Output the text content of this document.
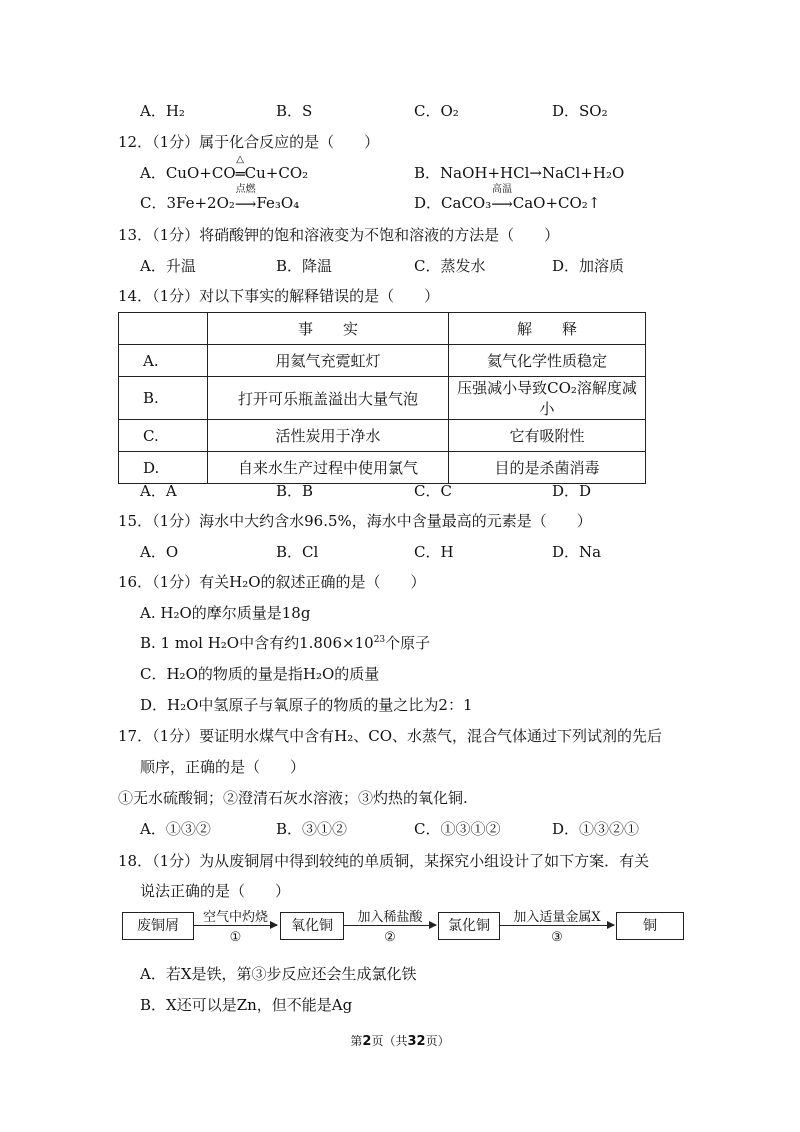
A．H₂	B．S	C．O₂	D．SO₂
12．（1分）属于化合反应的是（　　）
A．CuO+CO
△
═Cu+CO₂	B．NaOH+HCl→NaCl+H₂O
C．3Fe+2O₂
点燃
⟶Fe₃O₄	D．CaCO₃
高温
⟶CaO+CO₂↑
13．（1分）将硝酸钾的饱和溶液变为不饱和溶液的方法是（　　）
A．升温	B．降温	C．蒸发水	D．加溶质
14．（1分）对以下事实的解释错误的是（　　）
	事　　实	解　　释
A.	用氦气充霓虹灯	氦气化学性质稳定
B.	打开可乐瓶盖溢出大量气泡	压强减小导致CO₂溶解度减小
C.	活性炭用于净水	它有吸附性
D.	自来水生产过程中使用氯气	目的是杀菌消毒
A．A	B．B	C．C	D．D
15．（1分）海水中大约含水96.5%，海水中含量最高的元素是（　　）
A．O	B．Cl	C．H	D．Na
16．（1分）有关H₂O的叙述正确的是（　　）
A. H₂O的摩尔质量是18g
B. 1 mol H₂O中含有约$1.806\times 10^{23}$个原子
C．H₂O的物质的量是指H₂O的质量
D．H₂O中氢原子与氧原子的物质的量之比为2：1
17．（1分）要证明水煤气中含有H₂、CO、水蒸气，混合气体通过下列试剂的先后
顺序，正确的是（　　）
①无水硫酸铜；②澄清石灰水溶液；③灼热的氧化铜.
A．①③②	B．③①②	C．①③①②	D．①③②①
18．（1分）为从废铜屑中得到较纯的单质铜，某探究小组设计了如下方案．有关
说法正确的是（　　）
废铜屑
空气中灼烧
①
氧化铜
加入稀盐酸
②
氯化铜
加入适量金属X
③
铜
A．若X是铁，第③步反应还会生成氯化铁
B．X还可以是Zn，但不能是Ag
第2页（共32页）
